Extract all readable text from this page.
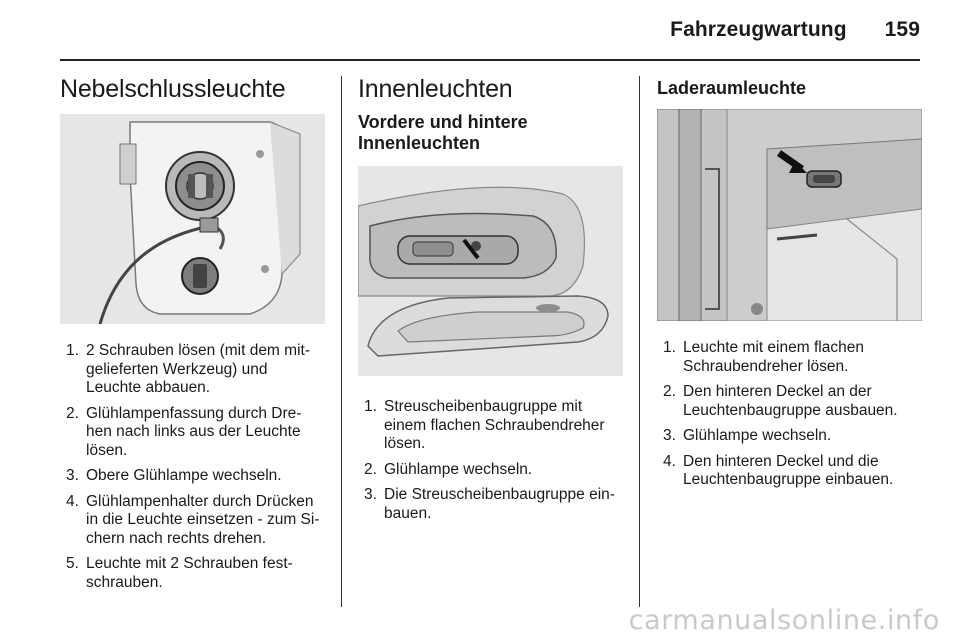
Fahrzeugwartung 159
Nebelschlussleuchte
1. 2 Schrauben lösen (mit dem mit- gelieferten Werkzeug) und Leuchte abbauen.
2. Glühlampenfassung durch Dre- hen nach links aus der Leuchte lösen.
3. Obere Glühlampe wechseln.
4. Glühlampenhalter durch Drücken in die Leuchte einsetzen - zum Si- chern nach rechts drehen.
5. Leuchte mit 2 Schrauben fest- schrauben.
Innenleuchten
Vordere und hintere Innenleuchten
1. Streuscheibenbaugruppe mit einem flachen Schraubendreher lösen.
2. Glühlampe wechseln.
3. Die Streuscheibenbaugruppe ein- bauen.
Laderaumleuchte
1. Leuchte mit einem flachen Schraubendreher lösen.
2. Den hinteren Deckel an der Leuchtenbaugruppe ausbauen.
3. Glühlampe wechseln.
4. Den hinteren Deckel und die Leuchtenbaugruppe einbauen.
carmanualsonline.info
